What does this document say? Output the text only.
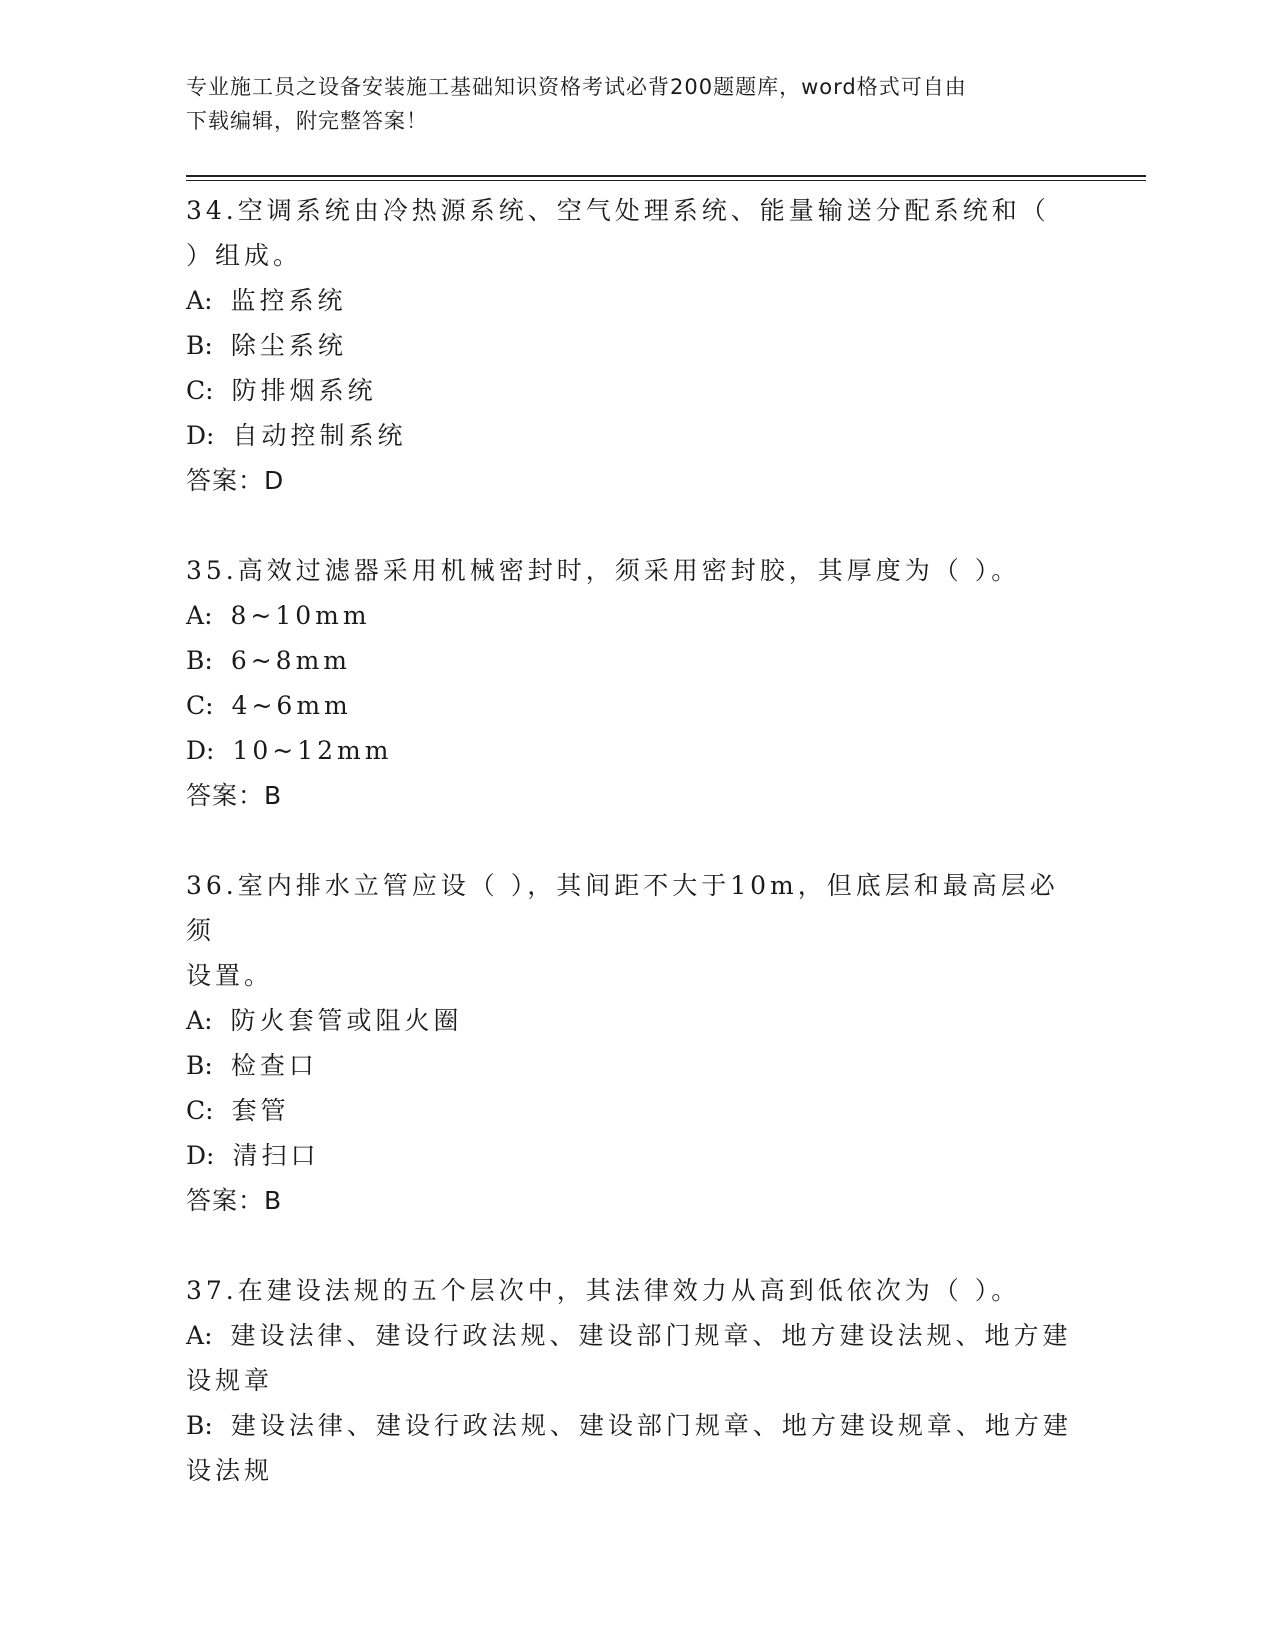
专业施工员之设备安装施工基础知识资格考试必背200题题库，word格式可自由
下载编辑，附完整答案！
34.空调系统由冷热源系统、空气处理系统、能量输送分配系统和（
）组成。
A: 监控系统
B: 除尘系统
C: 防排烟系统
D: 自动控制系统
答案：D
35.高效过滤器采用机械密封时，须采用密封胶，其厚度为（ ）。
A: 8~10mm
B: 6~8mm
C: 4~6mm
D: 10~12mm
答案：B
36.室内排水立管应设（ ），其间距不大于10m，但底层和最高层必须
设置。
A: 防火套管或阻火圈
B: 检查口
C: 套管
D: 清扫口
答案：B
37.在建设法规的五个层次中，其法律效力从高到低依次为（ ）。
A: 建设法律、建设行政法规、建设部门规章、地方建设法规、地方建
设规章
B: 建设法律、建设行政法规、建设部门规章、地方建设规章、地方建
设法规
